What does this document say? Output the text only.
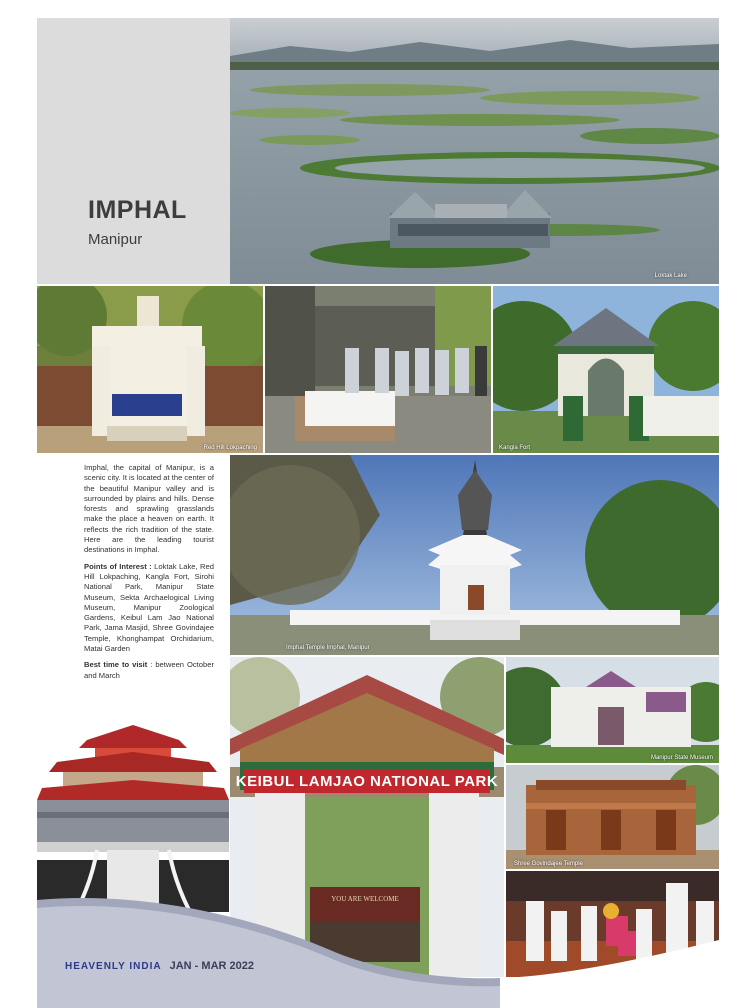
IMPHAL
Manipur
Loktak Lake
Red Hill Lokpaching	Kangla Fort

Imphal, the capital of Manipur, is a scenic city. It is located at the center of the beautiful Manipur valley and is surrounded by plains and hills. Dense forests and sprawling grasslands make the place a heaven on earth. It reflects the rich tradition of the state. Here are the leading tourist destinations in Imphal.

Points of Interest : Loktak Lake, Red Hill Lokpaching, Kangla Fort, Sirohi National Park, Manipur State Museum, Sekta Archaelogical Living Museum, Manipur Zoological Gardens, Keibul Lam Jao National Park, Jama Masjid, Shree Govindajee Temple, Khonghampat Orchidarium, Matai Garden

Best time to visit : between October and March

Imphal Temple Imphal, Manipur
KEIBUL LAMJAO NATIONAL PARK
YOU ARE WELCOME
Manipur State Museum
Shree Govindajee Temple
HEAVENLY INDIA JAN - MAR 2022
